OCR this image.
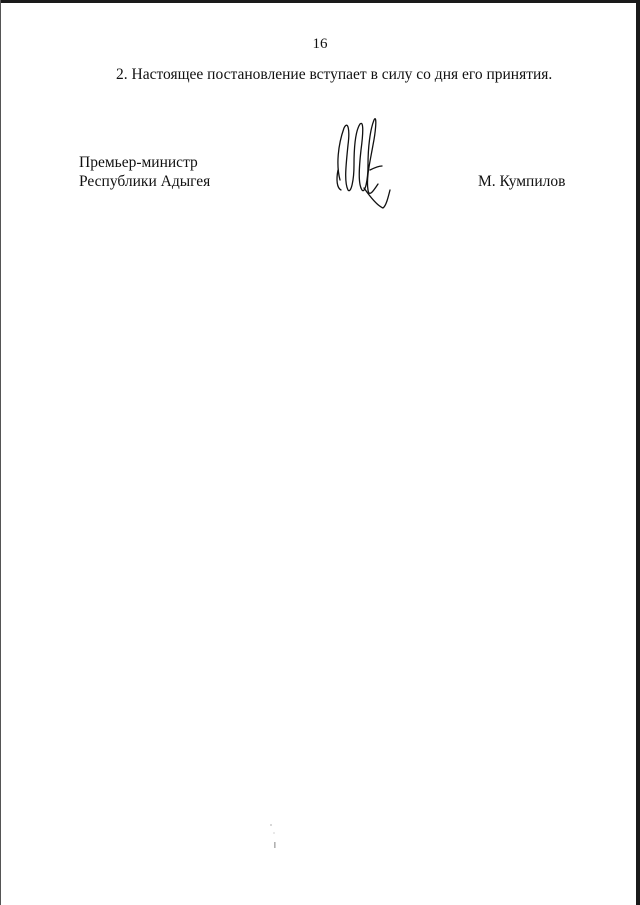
16
2. Настоящее постановление вступает в силу со дня его принятия.
Премьер-министр
Республики Адыгея	М. Кумпилов
